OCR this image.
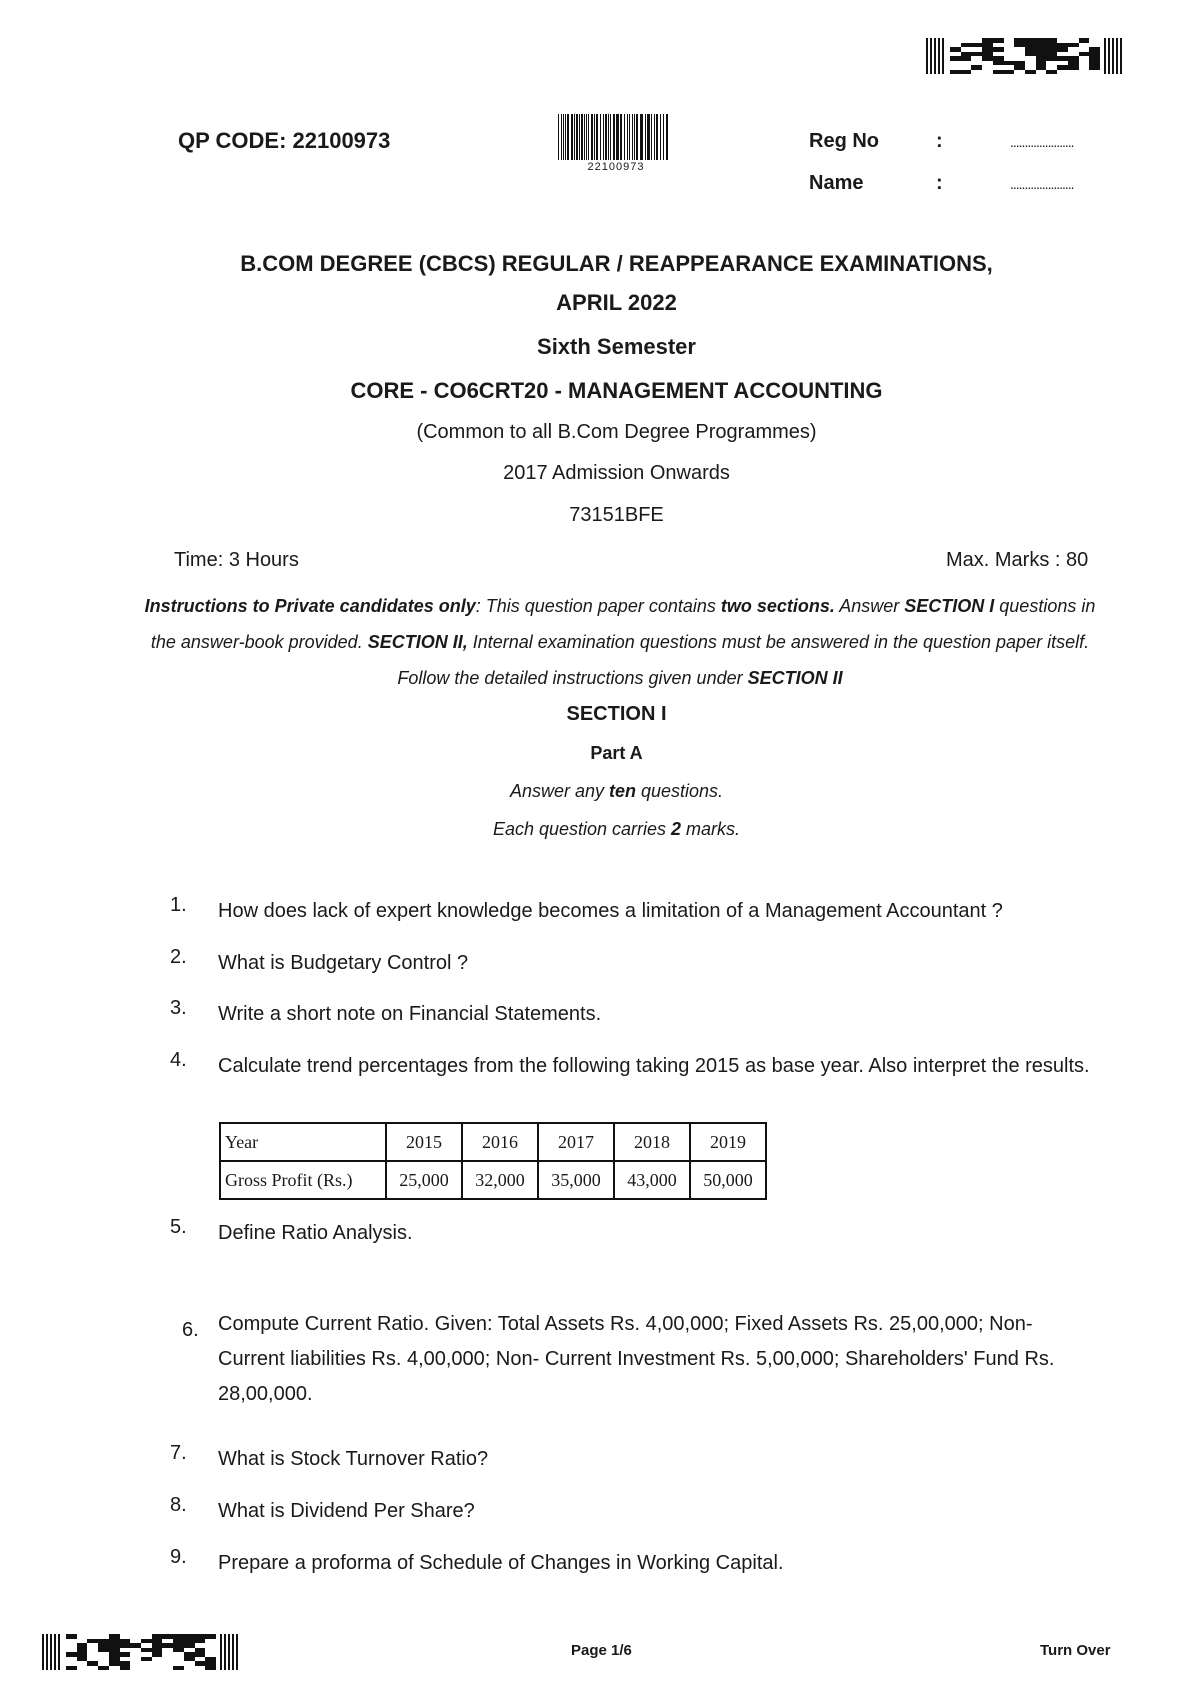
QP CODE: 22100973
22100973
Reg No	:	......................
Name	:	......................
B.COM DEGREE (CBCS) REGULAR / REAPPEARANCE EXAMINATIONS,
APRIL 2022
Sixth Semester
CORE - CO6CRT20 - MANAGEMENT ACCOUNTING
(Common to all B.Com Degree Programmes)
2017 Admission Onwards
73151BFE
Time: 3 Hours	Max. Marks : 80
Instructions to Private candidates only: This question paper contains two sections. Answer SECTION I questions in the answer-book provided. SECTION II, Internal examination questions must be answered in the question paper itself. Follow the detailed instructions given under SECTION II
SECTION I
Part A
Answer any ten questions.
Each question carries 2 marks.
1. How does lack of expert knowledge becomes a limitation of a Management Accountant ?
2. What is Budgetary Control ?
3. Write a short note on Financial Statements.
4. Calculate trend percentages from the following taking 2015 as base year. Also interpret the results.
Year	2015	2016	2017	2018	2019
Gross Profit (Rs.)	25,000	32,000	35,000	43,000	50,000
5. Define Ratio Analysis.
6. Compute Current Ratio. Given: Total Assets Rs. 4,00,000; Fixed Assets Rs. 25,00,000; Non- Current liabilities Rs. 4,00,000; Non- Current Investment Rs. 5,00,000; Shareholders' Fund Rs. 28,00,000.
7. What is Stock Turnover Ratio?
8. What is Dividend Per Share?
9. Prepare a proforma of Schedule of Changes in Working Capital.
Page 1/6	Turn Over
